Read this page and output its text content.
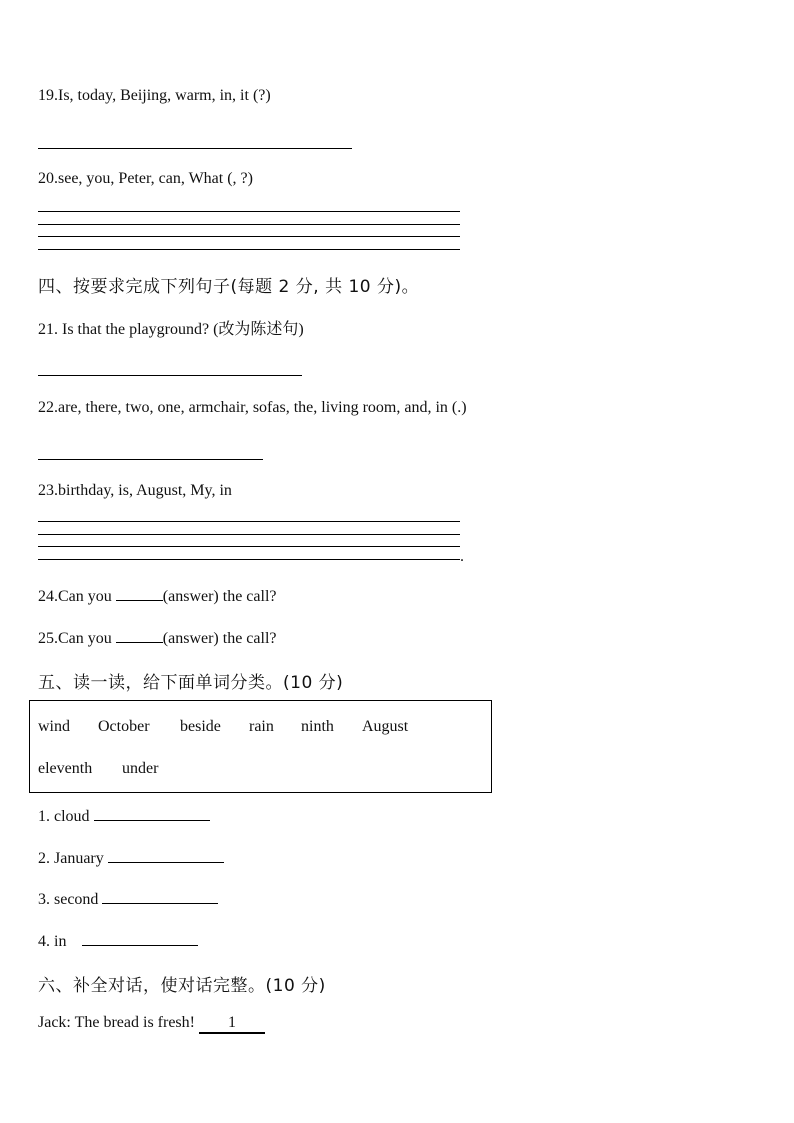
19.Is, today, Beijing, warm, in, it (?)
20.see, you, Peter, can, What (, ?)
四、按要求完成下列句子(每题 2 分, 共 10 分)。
21. Is that the playground? (改为陈述句)
22.are, there, two, one, armchair, sofas, the, living room, and, in (.)
23.birthday, is, August, My, in
.
24.Can you	(answer) the call?
25.Can you	(answer) the call?
五、读一读，给下面单词分类。(10 分)
wind October beside rain ninth August
eleventh under
1. cloud
2. January
3. second
4. in
六、补全对话，使对话完整。(10 分)
Jack: The bread is fresh! 1
